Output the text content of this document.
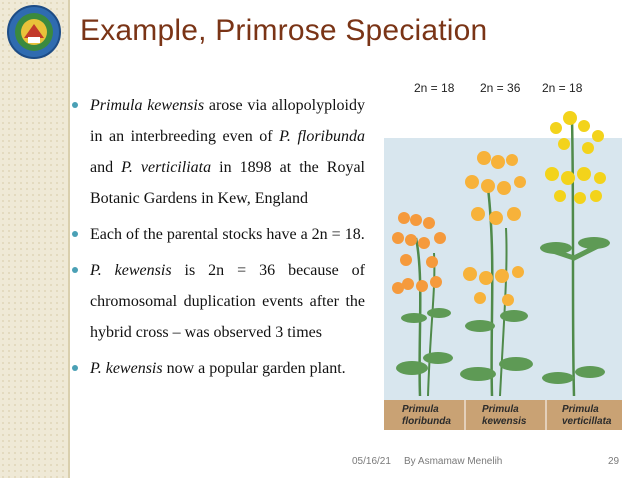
Example, Primrose Speciation
Primula kewensis arose via allopolyploidy in an interbreeding even of P. floribunda and P. verticiliata in 1898 at the Royal Botanic Gardens in Kew, England
Each of the parental stocks have a 2n = 18.
P. kewensis is 2n = 36 because of chromosomal duplication events after the hybrid cross – was observed 3 times
P. kewensis now a popular garden plant.
2n = 18 2n = 36 2n = 18
Primula
floribunda
Primula
kewensis
Primula
verticillata
05/16/21 By Asmamaw Menelih	29
